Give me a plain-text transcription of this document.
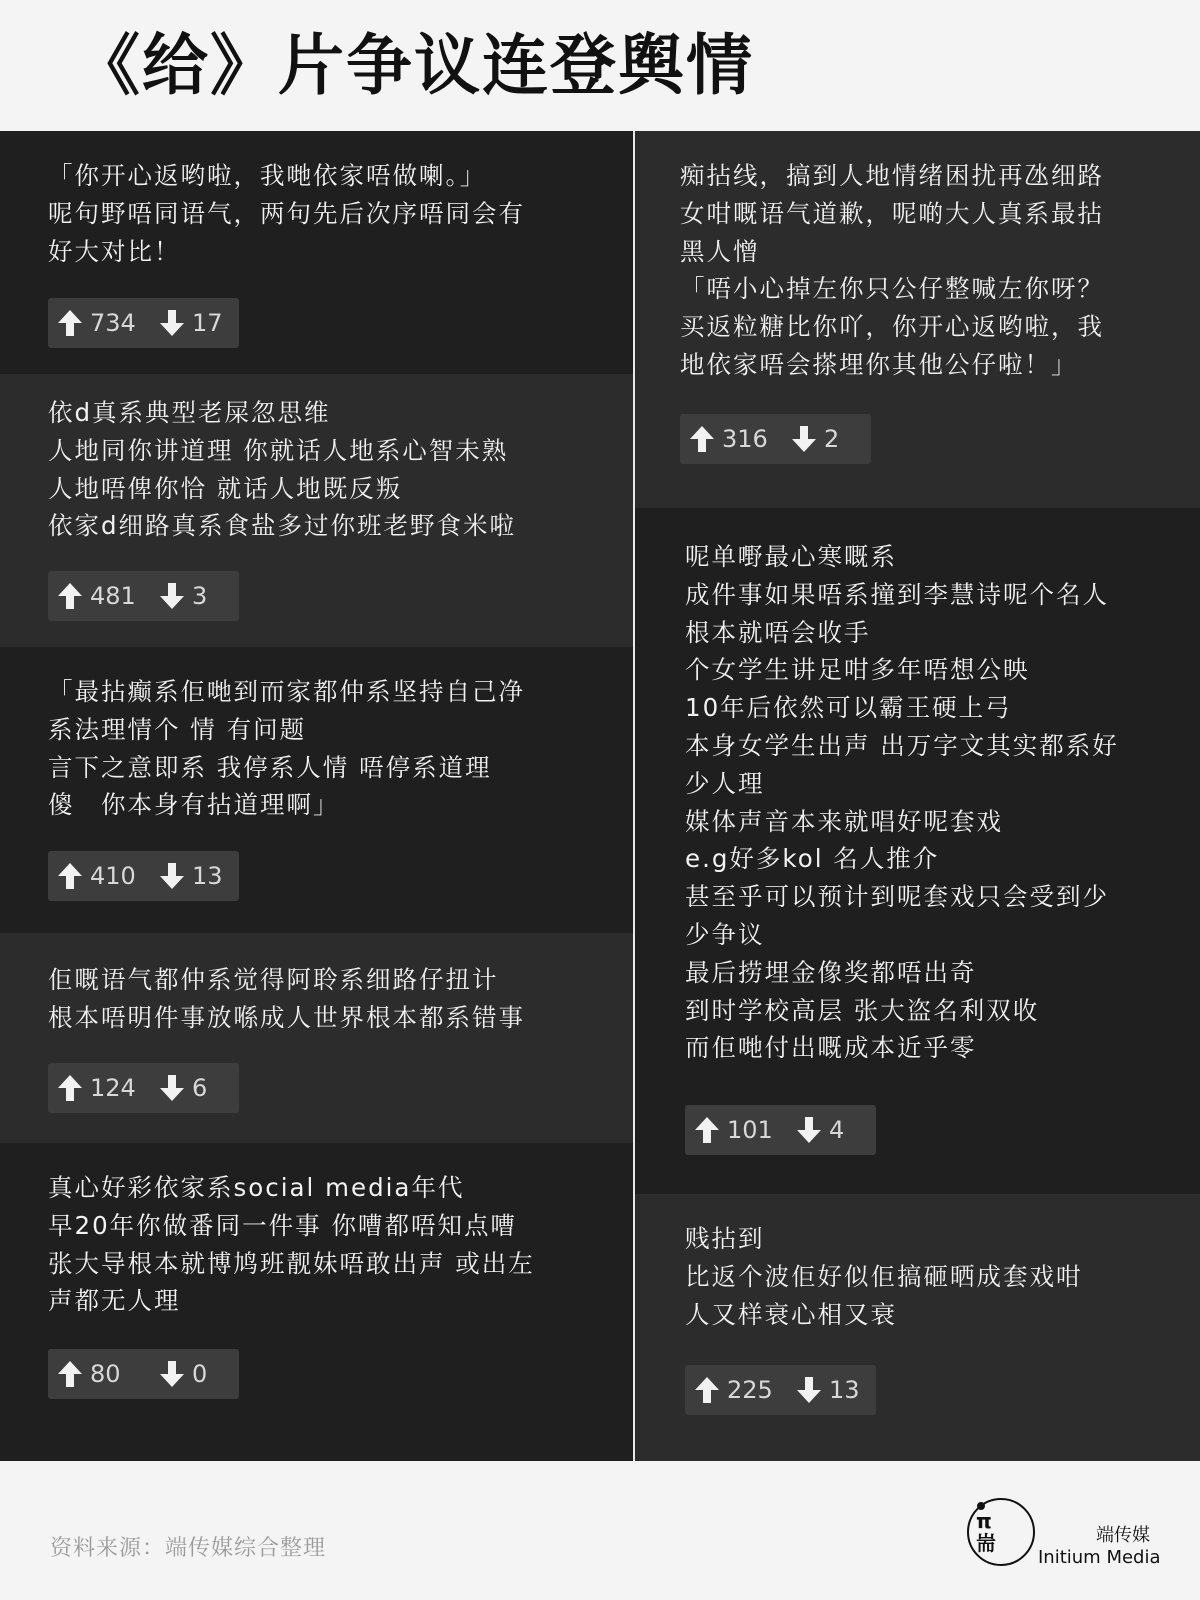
《给》片争议连登舆情
「你开心返哟啦，我哋依家唔做喇。」
呢句野唔同语气，两句先后次序唔同会有
好大对比！
734 17
依d真系典型老屎忽思维
人地同你讲道理 你就话人地系心智未熟
人地唔俾你恰 就话人地既反叛
依家d细路真系食盐多过你班老野食米啦
481 3
「最拈癫系佢哋到而家都仲系坚持自己净
系法理情个 情 有问题
言下之意即系 我停系人情 唔停系道理
傻　你本身有拈道理啊」
410 13
佢嘅语气都仲系觉得阿聆系细路仔扭计
根本唔明件事放喺成人世界根本都系错事
124 6
真心好彩依家系social media年代
早20年你做番同一件事 你嘈都唔知点嘈
张大导根本就博鸠班靓妹唔敢出声 或出左
声都无人理
80	0
痴拈线，搞到人地情绪困扰再氹细路
女咁嘅语气道歉，呢啲大人真系最拈
黑人憎
「唔小心掉左你只公仔整喊左你呀？
买返粒糖比你吖，你开心返哟啦，我
地依家唔会搽埋你其他公仔啦！」
316 2
呢单嘢最心寒嘅系
成件事如果唔系撞到李慧诗呢个名人
根本就唔会收手
个女学生讲足咁多年唔想公映
10年后依然可以霸王硬上弓
本身女学生出声 出万字文其实都系好
少人理
媒体声音本来就唱好呢套戏
e.g好多kol 名人推介
甚至乎可以预计到呢套戏只会受到少
少争议
最后捞埋金像奖都唔出奇
到时学校高层 张大盗名利双收
而佢哋付出嘅成本近乎零
101 4
贱拈到
比返个波佢好似佢搞砸晒成套戏咁
人又样衰心相又衰
225 13
资料来源：端传媒综合整理
π
耑	端传媒
Initium Media
